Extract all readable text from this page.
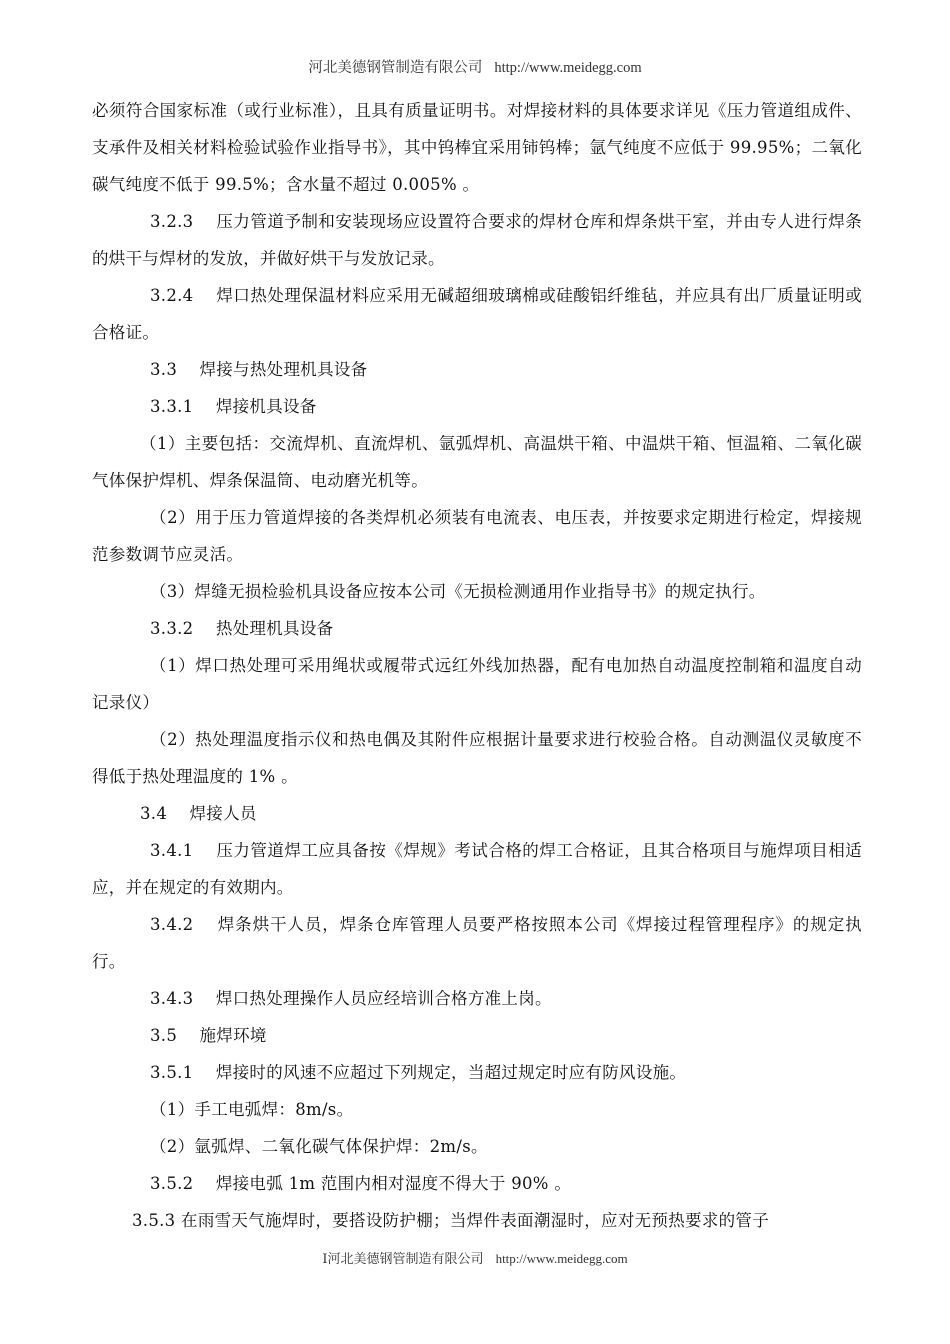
河北美德钢管制造有限公司 http://www.meidegg.com

必须符合国家标准（或行业标准），且具有质量证明书。对焊接材料的具体要求详见《压力管道组成件、支承件及相关材料检验试验作业指导书》，其中钨棒宜采用铈钨棒；氩气纯度不应低于 99.95%；二氧化碳气纯度不低于 99.5%；含水量不超过 0.005% 。

3.2.3　 压力管道予制和安装现场应设置符合要求的焊材仓库和焊条烘干室，并由专人进行焊条的烘干与焊材的发放，并做好烘干与发放记录。

3.2.4　 焊口热处理保温材料应采用无碱超细玻璃棉或硅酸铝纤维毡，并应具有出厂质量证明或合格证。

3.3　 焊接与热处理机具设备

3.3.1　 焊接机具设备

（1）主要包括：交流焊机、直流焊机、氩弧焊机、高温烘干箱、中温烘干箱、恒温箱、二氧化碳气体保护焊机、焊条保温筒、电动磨光机等。

（2）用于压力管道焊接的各类焊机必须装有电流表、电压表，并按要求定期进行检定，焊接规范参数调节应灵活。

（3）焊缝无损检验机具设备应按本公司《无损检测通用作业指导书》的规定执行。

3.3.2　 热处理机具设备

（1）焊口热处理可采用绳状或履带式远红外线加热器，配有电加热自动温度控制箱和温度自动记录仪）

（2）热处理温度指示仪和热电偶及其附件应根据计量要求进行校验合格。自动测温仪灵敏度不得低于热处理温度的 1% 。

3.4　 焊接人员

3.4.1　 压力管道焊工应具备按《焊规》考试合格的焊工合格证，且其合格项目与施焊项目相适应，并在规定的有效期内。

3.4.2　 焊条烘干人员，焊条仓库管理人员要严格按照本公司《焊接过程管理程序》的规定执行。

3.4.3　 焊口热处理操作人员应经培训合格方准上岗。

3.5　 施焊环境

3.5.1　 焊接时的风速不应超过下列规定，当超过规定时应有防风设施。

（1）手工电弧焊：8m/s。

（2）氩弧焊、二氧化碳气体保护焊：2m/s。

3.5.2　 焊接电弧 1m 范围内相对湿度不得大于 90% 。

3.5.3 在雨雪天气施焊时，要搭设防护棚；当焊件表面潮湿时，应对无预热要求的管子

I河北美德钢管制造有限公司 http://www.meidegg.com
